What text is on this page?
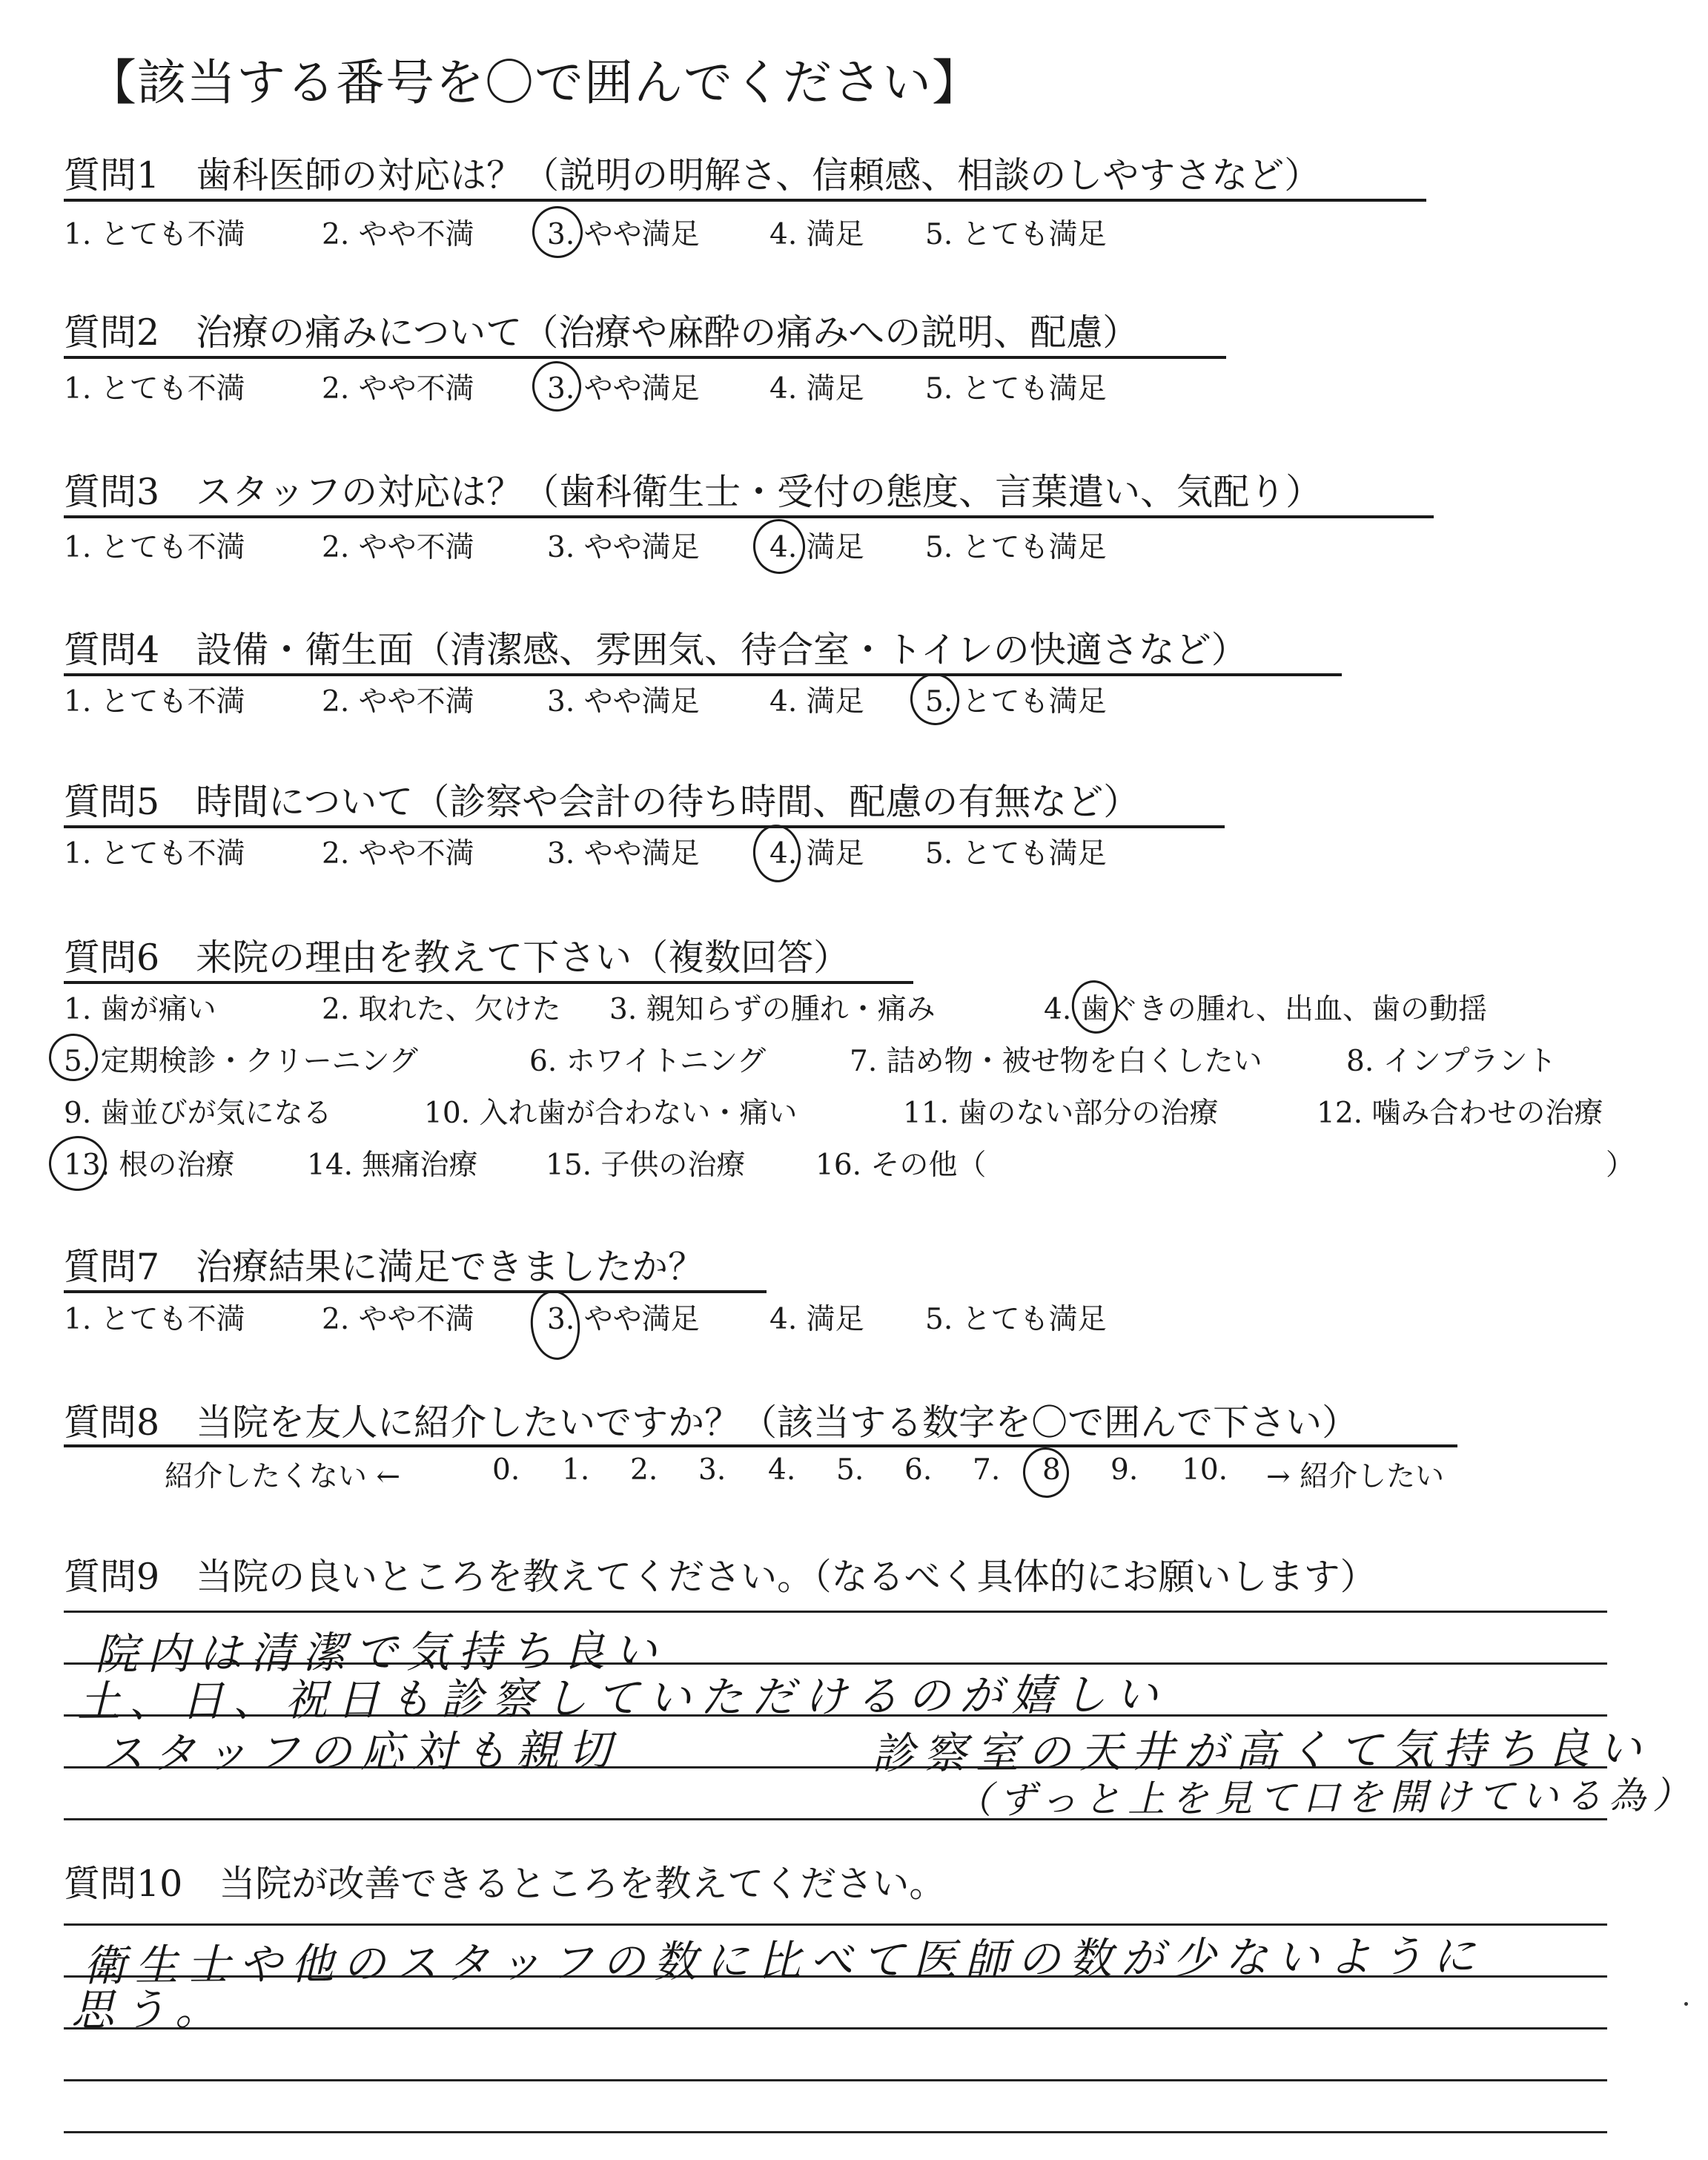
【該当する番号を〇で囲んでください】
質問1　歯科医師の対応は？（説明の明解さ、信頼感、相談のしやすさなど）
1. とても不満	2. やや不満	3. やや満足 4. 満足 5. とても満足
質問2　治療の痛みについて（治療や麻酔の痛みへの説明、配慮）
1. とても不満	2. やや不満	3. やや満足 4. 満足 5. とても満足
質問3　スタッフの対応は？（歯科衛生士・受付の態度、言葉遣い、気配り）
1. とても不満	2. やや不満	3. やや満足 4. 満足 5. とても満足
質問4　設備・衛生面（清潔感、雰囲気、待合室・トイレの快適さなど）
1. とても不満	2. やや不満	3. やや満足 4. 満足 5. とても満足
質問5　時間について（診察や会計の待ち時間、配慮の有無など）
1. とても不満	2. やや不満	3. やや満足 4. 満足 5. とても満足
質問6　来院の理由を教えて下さい（複数回答）
1. 歯が痛い	2. 取れた、欠けた 3. 親知らずの腫れ・痛み	4. 歯ぐきの腫れ、出血、歯の動揺
5. 定期検診・クリーニング	6. ホワイトニング	7. 詰め物・被せ物を白くしたい	8. インプラント
9. 歯並びが気になる	10. 入れ歯が合わない・痛い	11. 歯のない部分の治療	12. 噛み合わせの治療
13. 根の治療	14. 無痛治療 15. 子供の治療 16. その他（	）
質問7　治療結果に満足できましたか？
1. とても不満	2. やや不満	3. やや満足 4. 満足 5. とても満足
質問8　当院を友人に紹介したいですか？（該当する数字を〇で囲んで下さい）
紹介したくない ←	0. 1. 2. 3. 4. 5. 6. 7. 8 9. 10. → 紹介したい
質問9　当院の良いところを教えてください。（なるべく具体的にお願いします）
院内は清潔で気持ち良い
土、日、祝日も診察していただけるのが嬉しい
スタッフの応対も親切	診察室の天井が高くて気持ち良い
（ずっと上を見て口を開けている為）
質問10　当院が改善できるところを教えてください。
衛生士や他のスタッフの数に比べて医師の数が少ないように
思う。
